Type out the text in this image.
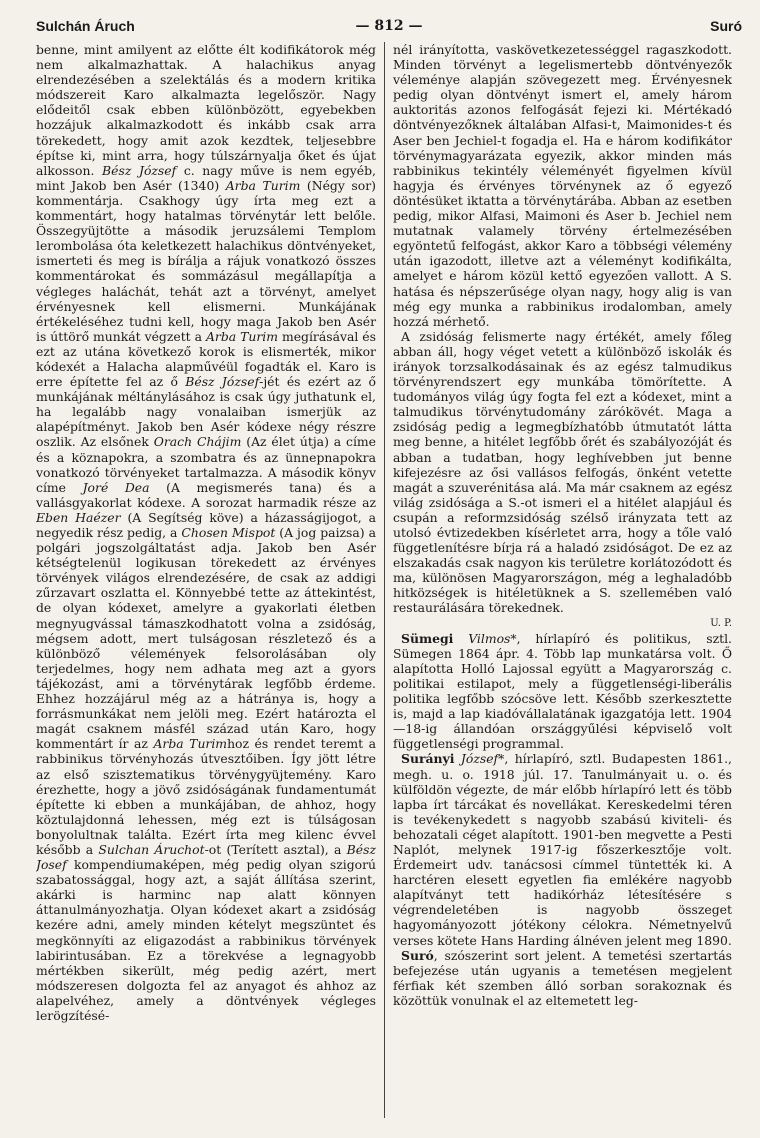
Sulchán Áruch	— 812 —	Suró

benne, mint amilyent az előtte élt kodifikátorok még nem alkalmazhattak. A halachikus anyag elrendezésében a szelektálás és a modern kritika módszereit Karo alkalmazta legelőször. Nagy elődeitől csak ebben különbözött, egyebekben hozzájuk alkalmazkodott és inkább csak arra törekedett, hogy amit azok kezdtek, teljesebbre építse ki, mint arra, hogy túlszárnyalja őket és újat alkosson. Bész József c. nagy műve is nem egyéb, mint Jakob ben Asér (1340) Arba Turim (Négy sor) kommentárja. Csakhogy úgy írta meg ezt a kommentárt, hogy hatalmas törvénytár lett belőle. Összegyüjtötte a második jeruzsálemi Templom lerombolása óta keletkezett halachikus döntvényeket, ismerteti és meg is bírálja a rájuk vonatkozó összes kommentárokat és sommázásul megállapítja a végleges haláchát, tehát azt a törvényt, amelyet érvényesnek kell elismerni. Munkájának értékeléséhez tudni kell, hogy maga Jakob ben Asér is úttörő munkát végzett a Arba Turim megírásával és ezt az utána következő korok is elismerték, mikor kódexét a Halacha alapművéül fogadták el. Karo is erre építette fel az ő Bész József-jét és ezért az ő munkájának méltánylásához is csak úgy juthatunk el, ha legalább nagy vonalaiban ismerjük az alapépítményt. Jakob ben Asér kódexe négy részre oszlik. Az elsőnek Orach Chájim (Az élet útja) a címe és a köznapokra, a szombatra és az ünnepnapokra vonatkozó törvényeket tartalmazza. A második könyv címe Joré Dea (A megismerés tana) és a vallásgyakorlat kódexe. A sorozat harmadik része az Eben Haézer (A Segítség köve) a házasságijogot, a negyedik rész pedig, a Chosen Mispot (A jog paizsa) a polgári jogszolgáltatást adja. Jakob ben Asér kétségtelenül logikusan törekedett az érvényes törvények világos elrendezésére, de csak az addigi zűrzavart oszlatta el. Könnyebbé tette az áttekintést, de olyan kódexet, amelyre a gyakorlati életben megnyugvással támaszkodhatott volna a zsidóság, mégsem adott, mert tulságosan részletező és a különböző vélemények felsorolásában oly terjedelmes, hogy nem adhata meg azt a gyors tájékozást, ami a törvénytárak legfőbb érdeme. Ehhez hozzájárul még az a hátránya is, hogy a forrásmunkákat nem jelöli meg. Ezért határozta el magát csaknem másfél század után Karo, hogy kommentárt ír az Arba Turimhoz és rendet teremt a rabbinikus törvényhozás útvesztőiben. Így jött létre az első szisztematikus törvénygyüjtemény. Karo érezhette, hogy a jövő zsidóságának fundamentumát építette ki ebben a munkájában, de ahhoz, hogy köztulajdonná lehessen, még ezt is túlságosan bonyolultnak találta. Ezért írta meg kilenc évvel később a Sulchan Áruchot-ot (Terített asztal), a Bész Josef kompendiumaképen, még pedig olyan szigorú szabatossággal, hogy azt, a saját állítása szerint, akárki is harminc nap alatt könnyen áttanulmányozhatja. Olyan kódexet akart a zsidóság kezére adni, amely minden kételyt megszüntet és megkönnyíti az eligazodást a rabbinikus törvények labirintusában. Ez a törekvése a legnagyobb mértékben sikerült, még pedig azért, mert módszeresen dolgozta fel az anyagot és ahhoz az alapelvéhez, amely a döntvények végleges lerögzítésé-

nél irányította, vaskövetkezetességgel ragaszkodott. Minden törvényt a legelismertebb döntvényezők véleménye alapján szövegezett meg. Érvényesnek pedig olyan döntvényt ismert el, amely három auktoritás azonos felfogását fejezi ki. Mértékadó döntvényezőknek általában Alfasi-t, Maimonides-t és Aser ben Jechiel-t fogadja el. Ha e három kodifikátor törvénymagyarázata egyezik, akkor minden más rabbinikus tekintély véleményét figyelmen kívül hagyja és érvényes törvénynek az ő egyező döntésüket iktatta a törvénytárába. Abban az esetben pedig, mikor Alfasi, Maimoni és Aser b. Jechiel nem mutatnak valamely törvény értelmezésében egyöntetű felfogást, akkor Karo a többségi vélemény után igazodott, illetve azt a véleményt kodifikálta, amelyet e három közül kettő egyezően vallott. A S. hatása és népszerűsége olyan nagy, hogy alig is van még egy munka a rabbinikus irodalomban, amely hozzá mérhető.

A zsidóság felismerte nagy értékét, amely főleg abban áll, hogy véget vetett a különböző iskolák és irányok torzsalkodásainak és az egész talmudikus törvényrendszert egy munkába tömörítette. A tudományos világ úgy fogta fel ezt a kódexet, mint a talmudikus törvénytudomány zárókövét. Maga a zsidóság pedig a legmegbízhatóbb útmutatót látta meg benne, a hitélet legfőbb őrét és szabályozóját és abban a tudatban, hogy leghívebben jut benne kifejezésre az ősi vallásos felfogás, önként vetette magát a szuverénitása alá. Ma már csaknem az egész világ zsidósága a S.-ot ismeri el a hitélet alapjául és csupán a reformzsidóság szélső irányzata tett az utolsó évtizedekben kísérletet arra, hogy a tőle való függetlenítésre bírja rá a haladó zsidóságot. De ez az elszakadás csak nagyon kis területre korlátozódott és ma, különösen Magyarországon, még a leghaladóbb hitközségek is hitéletüknek a S. szellemében való restaurálására törekednek.

U. P.

Sümegi Vilmos*, hírlapíró és politikus, sztl. Sümegen 1864 ápr. 4. Több lap munkatársa volt. Ő alapította Holló Lajossal együtt a Magyarország c. politikai estilapot, mely a függetlenségi-liberális politika legfőbb szócsöve lett. Később szerkesztette is, majd a lap kiadóvállalatának igazgatója lett. 1904—18-ig állandóan országgyűlési képviselő volt függetlenségi programmal.

Surányi József*, hírlapíró, sztl. Budapesten 1861., megh. u. o. 1918 júl. 17. Tanulmányait u. o. és külföldön végezte, de már előbb hírlapíró lett és több lapba írt tárcákat és novellákat. Kereskedelmi téren is tevékenykedett s nagyobb szabású kiviteli- és behozatali céget alapított. 1901-ben megvette a Pesti Naplót, melynek 1917-ig főszerkesztője volt. Érdemeirt udv. tanácsosi címmel tüntették ki. A harctéren elesett egyetlen fia emlékére nagyobb alapítványt tett hadikórház létesítésére s végrendeletében is nagyobb összeget hagyományozott jótékony célokra. Németnyelvű verses kötete Hans Harding álnéven jelent meg 1890.

Suró, szószerint sort jelent. A temetési szertartás befejezése után ugyanis a temetésen megjelent férfiak két szemben álló sorban sorakoznak és közöttük vonulnak el az eltemetett leg-
